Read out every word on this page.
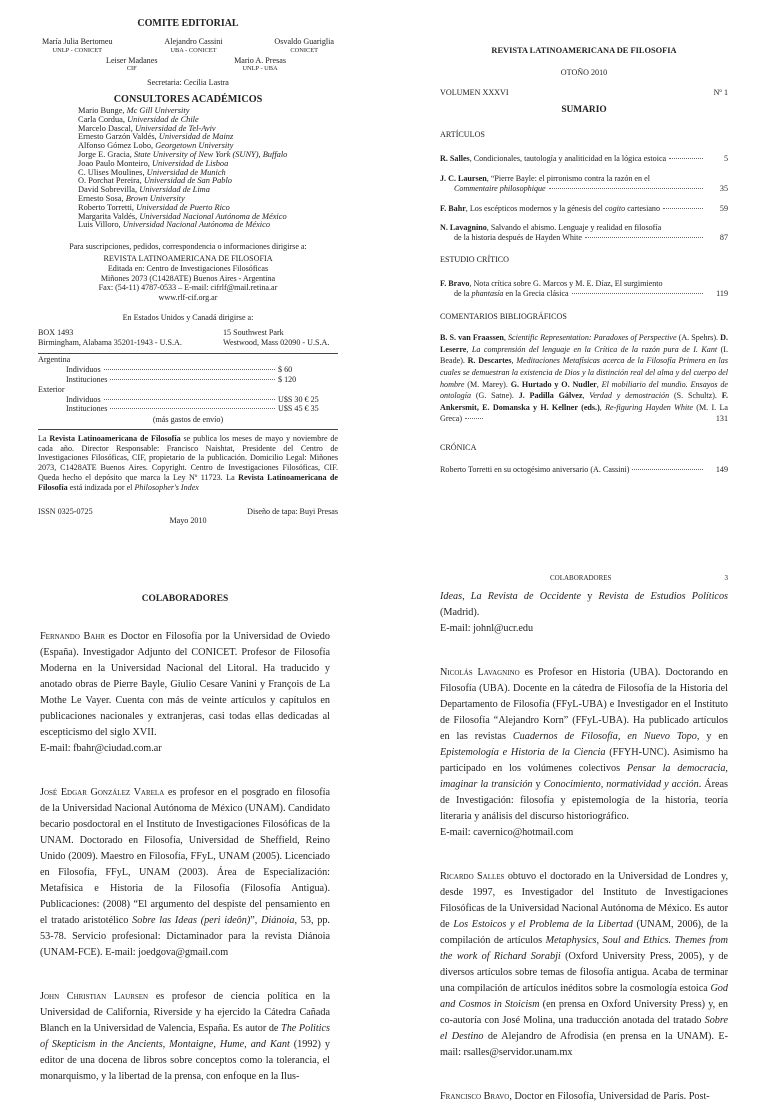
COMITE EDITORIAL
María Julia Bertomeu
UNLP - CONICET
Alejandro Cassini
UBA - CONICET
Osvaldo Guariglia
CONICET
Leiser Madanes
CIF
Mario A. Presas
UNLP - UBA
Secretaria: Cecilia Lastra
CONSULTORES ACADÉMICOS
Mario Bunge, Mc Gill University
Carla Cordua, Universidad de Chile
Marcelo Dascal, Universidad de Tel-Aviv
Ernesto Garzón Valdés, Universidad de Mainz
Alfonso Gómez Lobo, Georgetown University
Jorge E. Gracia, State University of New York (SUNY), Buffalo
Joao Paulo Monteiro, Universidad de Lisboa
C. Ulises Moulines, Universidad de Munich
O. Porchat Pereira, Universidad de San Pablo
David Sobrevilla, Universidad de Lima
Ernesto Sosa, Brown University
Roberto Torretti, Universidad de Puerto Rico
Margarita Valdés, Universidad Nacional Autónoma de México
Luis Villoro, Universidad Nacional Autónoma de México
Para suscripciones, pedidos, correspondencia o informaciones dirigirse a:
REVISTA LATINOAMERICANA DE FILOSOFIA
Editada en: Centro de Investigaciones Filosóficas
Miñones 2073 (C1428ATE) Buenos Aires - Argentina
Fax: (54-11) 4787-0533 – E-mail: cifrlf@mail.retina.ar
www.rlf-cif.org.ar
En Estados Unidos y Canadá dirigirse a:
BOX 1493
Birmingham, Alabama 35201-1943 - U.S.A.
15 Southwest Park
Westwood, Mass 02090 - U.S.A.
Argentina
Individuos	$ 60
Instituciones	$ 120
Exterior
Individuos	U$S 30 € 25
Instituciones	U$S 45 € 35
(más gastos de envío)
La Revista Latinoamericana de Filosofía se publica los meses de mayo y noviembre de cada año. Director Responsable: Francisco Naishtat, Presidente del Centro de Investigaciones Filosóficas, CIF, propietario de la publicación. Domicilio Legal: Miñones 2073, C1428ATE Buenos Aires. Copyright. Centro de Investigaciones Filosóficas, CIF. Queda hecho el depósito que marca la Ley Nº 11723. La Revista Latinoamericana de Filosofía está indizada por el Philosopher's Index
ISSN 0325-0725	Diseño de tapa: Buyi Presas
Mayo 2010
REVISTA LATINOAMERICANA DE FILOSOFIA
OTOÑO 2010
VOLUMEN XXXVI	Nº 1
SUMARIO
ARTÍCULOS
R. Salles, Condicionales, tautología y analiticidad en la lógica estoica	5
J. C. Laursen, “Pierre Bayle: el pirronismo contra la razón en el
Commentaire philosophique	35
F. Bahr, Los escépticos modernos y la génesis del cogito cartesiano	59
N. Lavagnino, Salvando el abismo. Lenguaje y realidad en filosofía
de la historia después de Hayden White	87
ESTUDIO CRÍTICO
F. Bravo, Nota crítica sobre G. Marcos y M. E. Díaz, El surgimiento
de la phantasía en la Grecia clásica	119
COMENTARIOS BIBLIOGRÁFICOS
B. S. van Fraassen, Scientific Representation: Paradoxes of Perspective (A. Spehrs). D. Leserre, La comprensión del lenguaje en la Crítica de la razón pura de I. Kant (I. Beade). R. Descartes, Meditaciones Metafísicas acerca de la Filosofía Primera en las cuales se demuestran la existencia de Dios y la distinción real del alma y del cuerpo del hombre (M. Marey). G. Hurtado y O. Nudler, El mobiliario del mundio. Ensayos de ontología (G. Satne). J. Padilla Gálvez, Verdad y demostración (S. Schultz). F. Ankersmit, E. Domanska y H. Kellner (eds.), Re-figuring Hayden White (M. I. La Greca)	131
CRÓNICA
Roberto Torretti en su octogésimo aniversario (A. Cassini)	149
COLABORADORES
Fernando Bahr es Doctor en Filosofía por la Universidad de Oviedo (España). Investigador Adjunto del CONICET. Profesor de Filosofía Moderna en la Universidad Nacional del Litoral. Ha traducido y anotado obras de Pierre Bayle, Giulio Cesare Vanini y François de La Mothe Le Vayer. Cuenta con más de veinte artículos y capítulos en publicaciones nacionales y extranjeras, casi todas ellas dedicadas al escepticismo del siglo XVII.
E-mail: fbahr@ciudad.com.ar
José Edgar González Varela es profesor en el posgrado en filosofía de la Universidad Nacional Autónoma de México (UNAM). Candidato becario posdoctoral en el Instituto de Investigaciones Filosóficas de la UNAM. Doctorado en Filosofía, Universidad de Sheffield, Reino Unido (2009). Maestro en Filosofía, FFyL, UNAM (2005). Licenciado en Filosofía, FFyL, UNAM (2003). Área de Especialización: Metafísica e Historia de la Filosofía (Filosofía Antigua). Publicaciones: (2008) “El argumento del despiste del pensamiento en el tratado aristotélico Sobre las Ideas (peri ideôn)”, Diánoia, 53, pp. 53-78. Servicio profesional: Dictaminador para la revista Diánoia (UNAM-FCE). E-mail: joedgova@gmail.com
John Christian Laursen es profesor de ciencia política en la Universidad de California, Riverside y ha ejercido la Cátedra Cañada Blanch en la Universidad de Valencia, España. Es autor de The Politics of Skepticism in the Ancients, Montaigne, Hume, and Kant (1992) y editor de una docena de libros sobre conceptos como la tolerancia, el monarquismo, y la libertad de la prensa, con enfoque en la Ilus-
COLABORADORES	3
Ideas, La Revista de Occidente y Revista de Estudios Políticos (Madrid).
E-mail: johnl@ucr.edu
Nicolás Lavagnino es Profesor en Historia (UBA). Doctorando en Filosofía (UBA). Docente en la cátedra de Filosofía de la Historia del Departamento de Filosofía (FFyL-UBA) e Investigador en el Instituto de Filosofía “Alejandro Korn” (FFyL-UBA). Ha publicado artículos en las revistas Cuadernos de Filosofía, en Nuevo Topo, y en Epistemología e Historia de la Ciencia (FFYH-UNC). Asimismo ha participado en los volúmenes colectivos Pensar la democracia, imaginar la transición y Conocimiento, normatividad y acción. Áreas de Investigación: filosofía y epistemología de la historia, teoría literaria y análisis del discurso historiográfico.
E-mail: cavernico@hotmail.com
Ricardo Salles obtuvo el doctorado en la Universidad de Londres y, desde 1997, es Investigador del Instituto de Investigaciones Filosóficas de la Universidad Nacional Autónoma de México. Es autor de Los Estoicos y el Problema de la Libertad (UNAM, 2006), de la compilación de artículos Metaphysics, Soul and Ethics. Themes from the work of Richard Sorabji (Oxford University Press, 2005), y de diversos artículos sobre temas de filosofía antigua. Acaba de terminar una compilación de artículos inéditos sobre la cosmología estoica God and Cosmos in Stoicism (en prensa en Oxford University Press) y, en co-autoría con José Molina, una traducción anotada del tratado Sobre el Destino de Alejandro de Afrodisia (en prensa en la UNAM). E-mail: rsalles@servidor.unam.mx
Francisco Bravo, Doctor en Filosofía, Universidad de París. Post-
